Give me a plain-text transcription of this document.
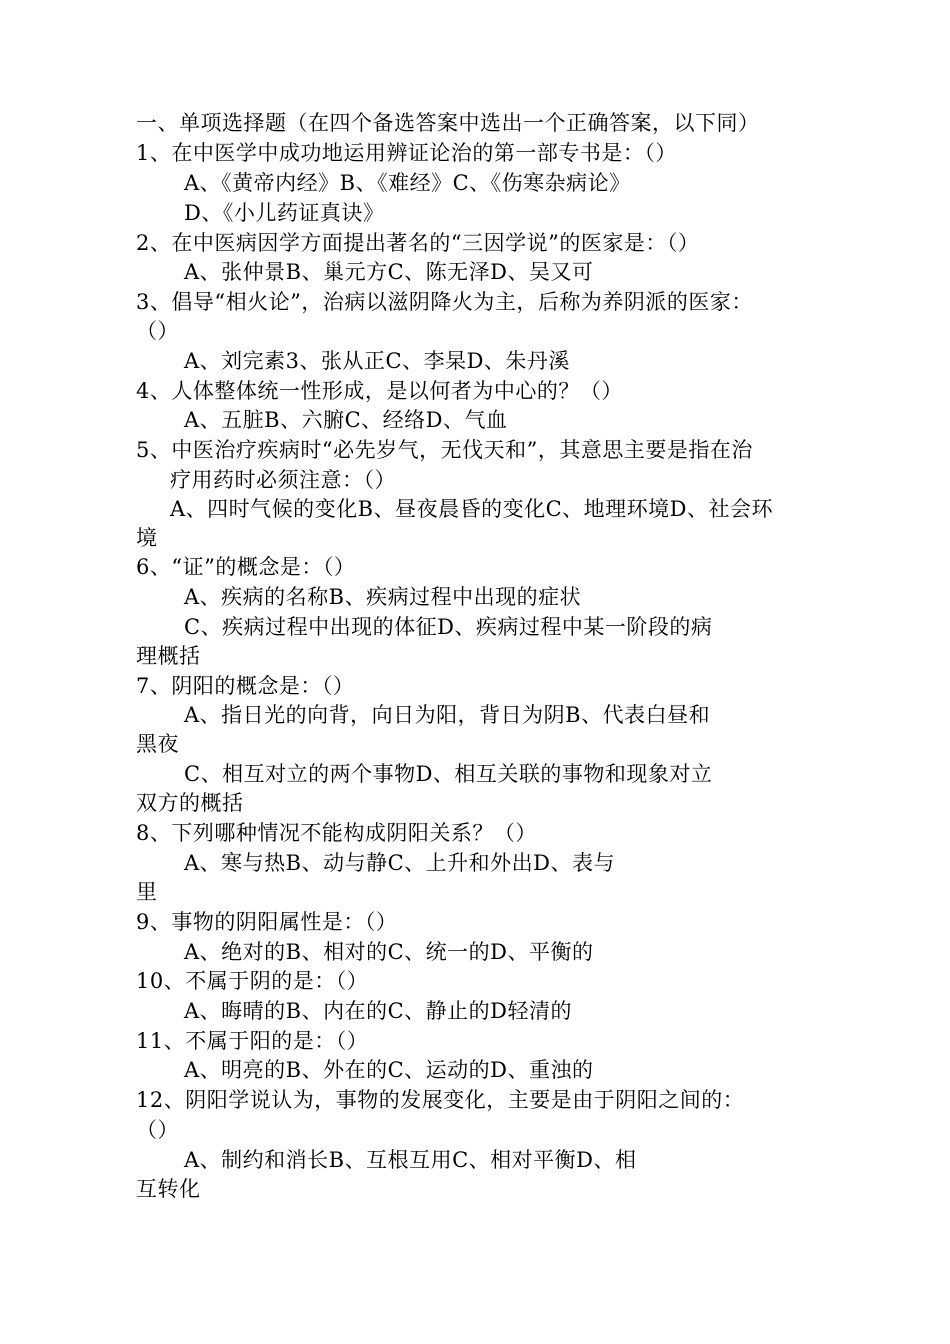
一、单项选择题（在四个备选答案中选出一个正确答案，以下同）
1、在中医学中成功地运用辨证论治的第一部专书是：（）
A、《黄帝内经》B、《难经》C、《伤寒杂病论》
D、《小儿药证真诀》
2、在中医病因学方面提出著名的“三因学说”的医家是：（）
A、张仲景B、巢元方C、陈无泽D、吴又可
3、倡导“相火论”，治病以滋阴降火为主，后称为养阴派的医家：
（）
A、刘完素3、张从正C、李杲D、朱丹溪
4、人体整体统一性形成，是以何者为中心的？（）
A、五脏B、六腑C、经络D、气血
5、中医治疗疾病时“必先岁气，无伐天和”，其意思主要是指在治
疗用药时必须注意：（）
A、四时气候的变化B、昼夜晨昏的变化C、地理环境D、社会环
境
6、“证”的概念是：（）
A、疾病的名称B、疾病过程中出现的症状
C、疾病过程中出现的体征D、疾病过程中某一阶段的病
理概括
7、阴阳的概念是：（）
A、指日光的向背，向日为阳，背日为阴B、代表白昼和
黑夜
C、相互对立的两个事物D、相互关联的事物和现象对立
双方的概括
8、下列哪种情况不能构成阴阳关系？（）
A、寒与热B、动与静C、上升和外出D、表与
里
9、事物的阴阳属性是：（）
A、绝对的B、相对的C、统一的D、平衡的
10、不属于阴的是：（）
A、晦晴的B、内在的C、静止的D轻清的
11、不属于阳的是：（）
A、明亮的B、外在的C、运动的D、重浊的
12、阴阳学说认为，事物的发展变化，主要是由于阴阳之间的：
（）
A、制约和消长B、互根互用C、相对平衡D、相
互转化
